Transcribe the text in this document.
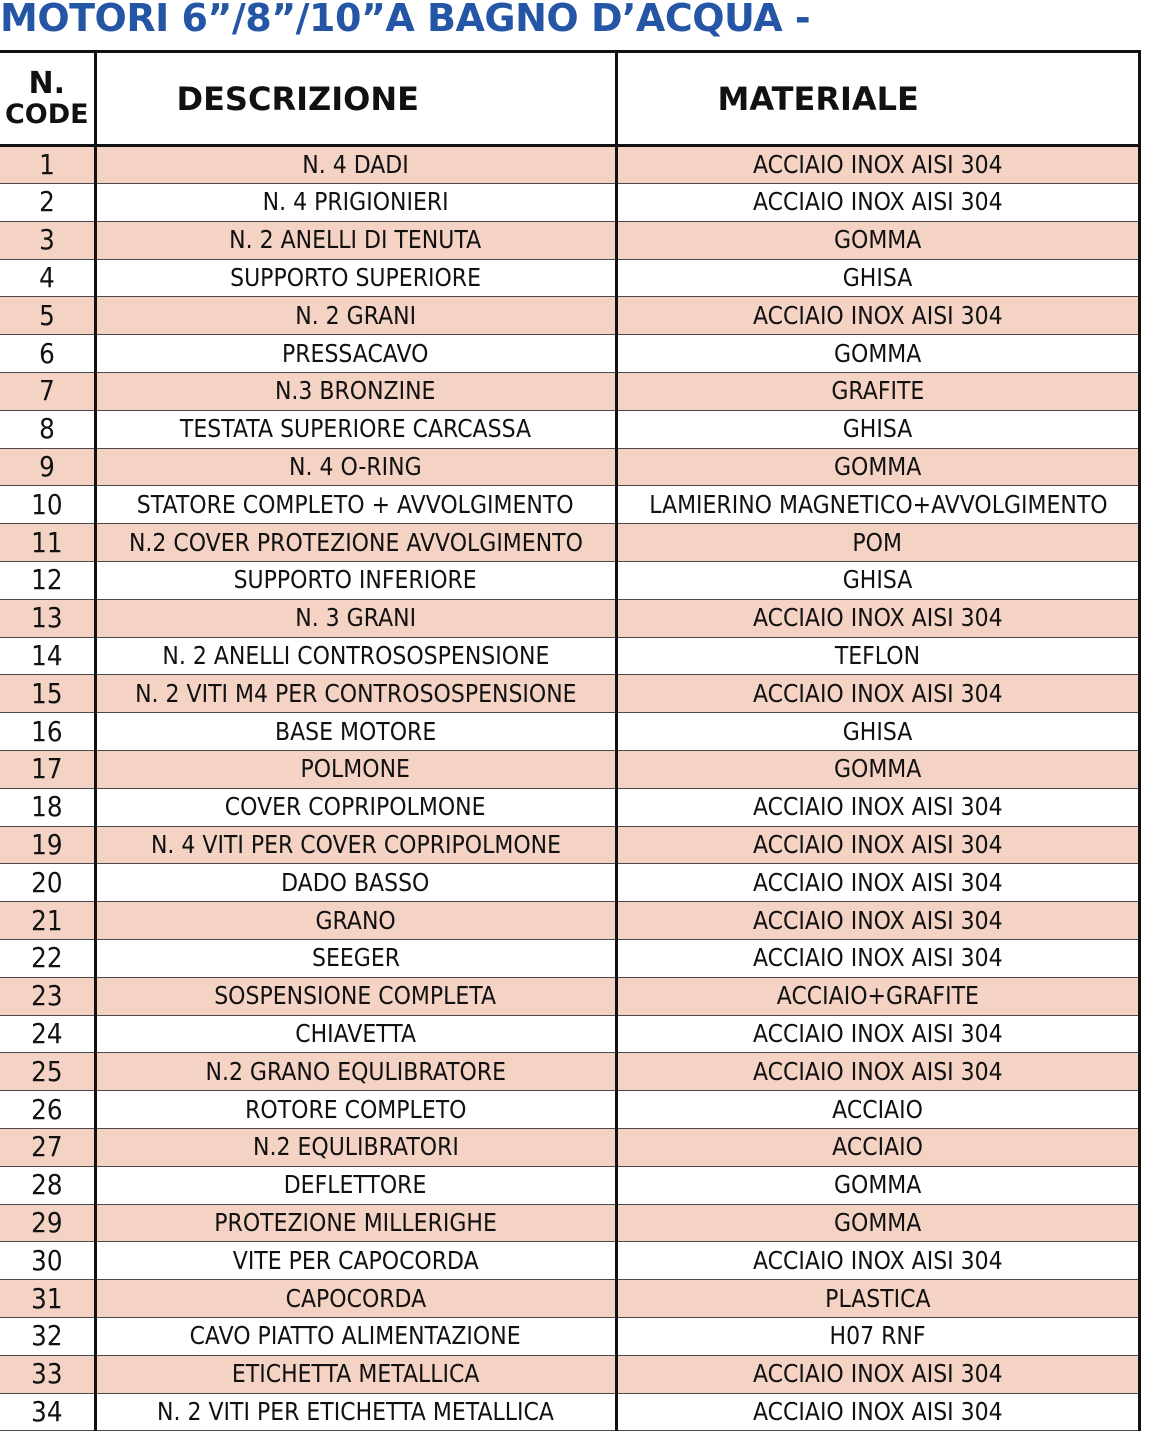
MOTORI 6”/8”/10”A BAGNO D’ACQUA -
N.
CODE	DESCRIZIONE	MATERIALE

1	N. 4 DADI	ACCIAIO INOX AISI 304
2	N. 4 PRIGIONIERI	ACCIAIO INOX AISI 304
3	N. 2 ANELLI DI TENUTA	GOMMA
4	SUPPORTO SUPERIORE	GHISA
5	N. 2 GRANI	ACCIAIO INOX AISI 304
6	PRESSACAVO	GOMMA
7	N.3 BRONZINE	GRAFITE
8	TESTATA SUPERIORE CARCASSA	GHISA
9	N. 4 O-RING	GOMMA
10	STATORE COMPLETO + AVVOLGIMENTO	LAMIERINO MAGNETICO+AVVOLGIMENTO
11	N.2 COVER PROTEZIONE AVVOLGIMENTO	POM
12	SUPPORTO INFERIORE	GHISA
13	N. 3 GRANI	ACCIAIO INOX AISI 304
14	N. 2 ANELLI CONTROSOSPENSIONE	TEFLON
15	N. 2 VITI M4 PER CONTROSOSPENSIONE	ACCIAIO INOX AISI 304
16	BASE MOTORE	GHISA
17	POLMONE	GOMMA
18	COVER COPRIPOLMONE	ACCIAIO INOX AISI 304
19	N. 4 VITI PER COVER COPRIPOLMONE	ACCIAIO INOX AISI 304
20	DADO BASSO	ACCIAIO INOX AISI 304
21	GRANO	ACCIAIO INOX AISI 304
22	SEEGER	ACCIAIO INOX AISI 304
23	SOSPENSIONE COMPLETA	ACCIAIO+GRAFITE
24	CHIAVETTA	ACCIAIO INOX AISI 304
25	N.2 GRANO EQULIBRATORE	ACCIAIO INOX AISI 304
26	ROTORE COMPLETO	ACCIAIO
27	N.2 EQULIBRATORI	ACCIAIO
28	DEFLETTORE	GOMMA
29	PROTEZIONE MILLERIGHE	GOMMA
30	VITE PER CAPOCORDA	ACCIAIO INOX AISI 304
31	CAPOCORDA	PLASTICA
32	CAVO PIATTO ALIMENTAZIONE	H07 RNF
33	ETICHETTA METALLICA	ACCIAIO INOX AISI 304
34	N. 2 VITI PER ETICHETTA METALLICA	ACCIAIO INOX AISI 304
